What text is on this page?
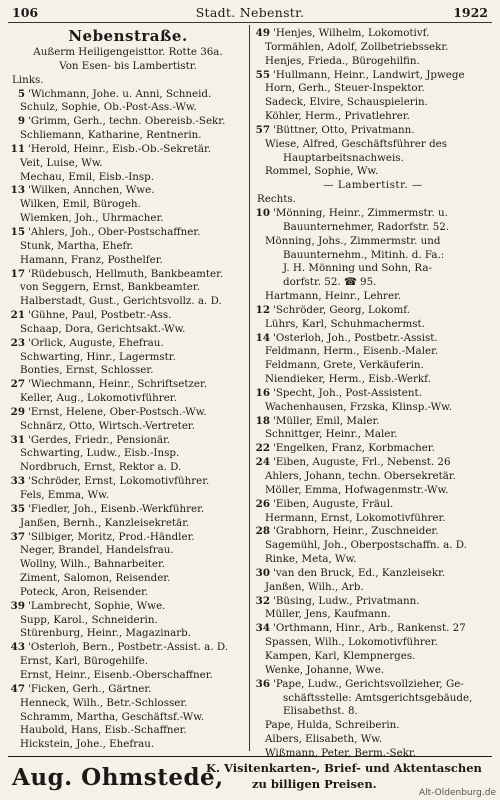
106	Stadt. Nebenstr.	1922
Nebenstraße.
Außerm Heiligengeisttor. Rotte 36a.
Von Esen- bis Lambertistr.
Links.
5 'Wichmann, Johe. u. Anni, Schneid.
Schulz, Sophie, Ob.-Post-Ass.-Ww.
9 'Grimm, Gerh., techn. Obereisb.-Sekr.
Schliemann, Katharine, Rentnerin.
11 'Herold, Heinr., Eisb.-Ob.-Sekretär.
Veit, Luise, Ww.
Mechau, Emil, Eisb.-Insp.
13 'Wilken, Annchen, Wwe.
Wilken, Emil, Bürogeh.
Wiemken, Joh., Uhrmacher.
15 'Ahlers, Joh., Ober-Postschaffner.
Stunk, Martha, Ehefr.
Hamann, Franz, Posthelfer.
17 'Rüdebusch, Hellmuth, Bankbeamter.
von Seggern, Ernst, Bankbeamter.
Halberstadt, Gust., Gerichtsvollz. a. D.
21 'Gühne, Paul, Postbetr.-Ass.
Schaap, Dora, Gerichtsakt.-Ww.
23 'Orlick, Auguste, Ehefrau.
Schwarting, Hinr., Lagermstr.
Bonties, Ernst, Schlosser.
27 'Wiechmann, Heinr., Schriftsetzer.
Keller, Aug., Lokomotivführer.
29 'Ernst, Helene, Ober-Postsch.-Ww.
Schnärz, Otto, Wirtsch.-Vertreter.
31 'Gerdes, Friedr., Pensionär.
Schwarting, Ludw., Eisb.-Insp.
Nordbruch, Ernst, Rektor a. D.
33 'Schröder, Ernst, Lokomotivführer.
Fels, Emma, Ww.
35 'Fiedler, Joh., Eisenb.-Werkführer.
Janßen, Bernh., Kanzleisekretär.
37 'Silbiger, Moritz, Prod.-Händler.
Neger, Brandel, Handelsfrau.
Wollny, Wilh., Bahnarbeiter.
Ziment, Salomon, Reisender.
Poteck, Aron, Reisender.
39 'Lambrecht, Sophie, Wwe.
Supp, Karol., Schneiderin.
Stürenburg, Heinr., Magazinarb.
43 'Osterloh, Bern., Postbetr.-Assist. a. D.
Ernst, Karl, Bürogehilfe.
Ernst, Heinr., Eisenb.-Oberschaffner.
47 'Ficken, Gerh., Gärtner.
Henneck, Wilh., Betr.-Schlosser.
Schramm, Martha, Geschäftsf.-Ww.
Haubold, Hans, Eisb.-Schaffner.
Hickstein, Johe., Ehefrau.
49 'Henjes, Wilhelm, Lokomotivf.
Tormählen, Adolf, Zollbetriebssekr.
Henjes, Frieda., Bürogehilfin.
55 'Hullmann, Heinr., Landwirt, Jpwege
Horn, Gerh., Steuer-Inspektor.
Sadeck, Elvire, Schauspielerin.
Köhler, Herm., Privatlehrer.
57 'Büttner, Otto, Privatmann.
Wiese, Alfred, Geschäftsführer des
Hauptarbeitsnachweis.
Rommel, Sophie, Ww.
— Lambertistr. —
Rechts.
10 'Mönning, Heinr., Zimmermstr. u.
Bauunternehmer, Radorfstr. 52.
Mönning, Johs., Zimmermstr. und
Bauunternehm., Mitinh. d. Fa.:
J. H. Mönning und Sohn, Ra-
dorfstr. 52. ☎ 95.
Hartmann, Heinr., Lehrer.
12 'Schröder, Georg, Lokomf.
Lührs, Karl, Schuhmachermst.
14 'Osterloh, Joh., Postbetr.-Assist.
Feldmann, Herm., Eisenb.-Maler.
Feldmann, Grete, Verkäuferin.
Niendieker, Herm., Eisb.-Werkf.
16 'Specht, Joh., Post-Assistent.
Wachenhausen, Frzska, Klinsp.-Ww.
18 'Müller, Emil, Maler.
Schnittger, Heinr., Maler.
22 'Engelken, Franz, Korbmacher.
24 'Eiben, Auguste, Frl., Nebenst. 26
Ahlers, Johann, techn. Obersekretär.
Möller, Emma, Hofwagenmstr.-Ww.
26 'Eiben, Auguste, Fräul.
Hermann, Ernst, Lokomotivführer.
28 'Grabhorn, Heinr., Zuschneider.
Sagemühl, Joh., Oberpostschaffn. a. D.
Rinke, Meta, Ww.
30 'van den Bruck, Ed., Kanzleisekr.
Janßen, Wilh., Arb.
32 'Büsing, Ludw., Privatmann.
Müller, Jens, Kaufmann.
34 'Orthmann, Hinr., Arb., Rankenst. 27
Spassen, Wilh., Lokomotivführer.
Kampen, Karl, Klempnerges.
Wenke, Johanne, Wwe.
36 'Pape, Ludw., Gerichtsvollzieher, Ge-
schäftsstelle: Amtsgerichtsgebäude,
Elisabethst. 8.
Pape, Hulda, Schreiberin.
Albers, Elisabeth, Ww.
Wißmann, Peter, Berm.-Sekr.
Aug. Ohmstede,
K. Visitenkarten-, Brief- und Aktentaschen
zu billigen Preisen.
Alt-Oldenburg.de
